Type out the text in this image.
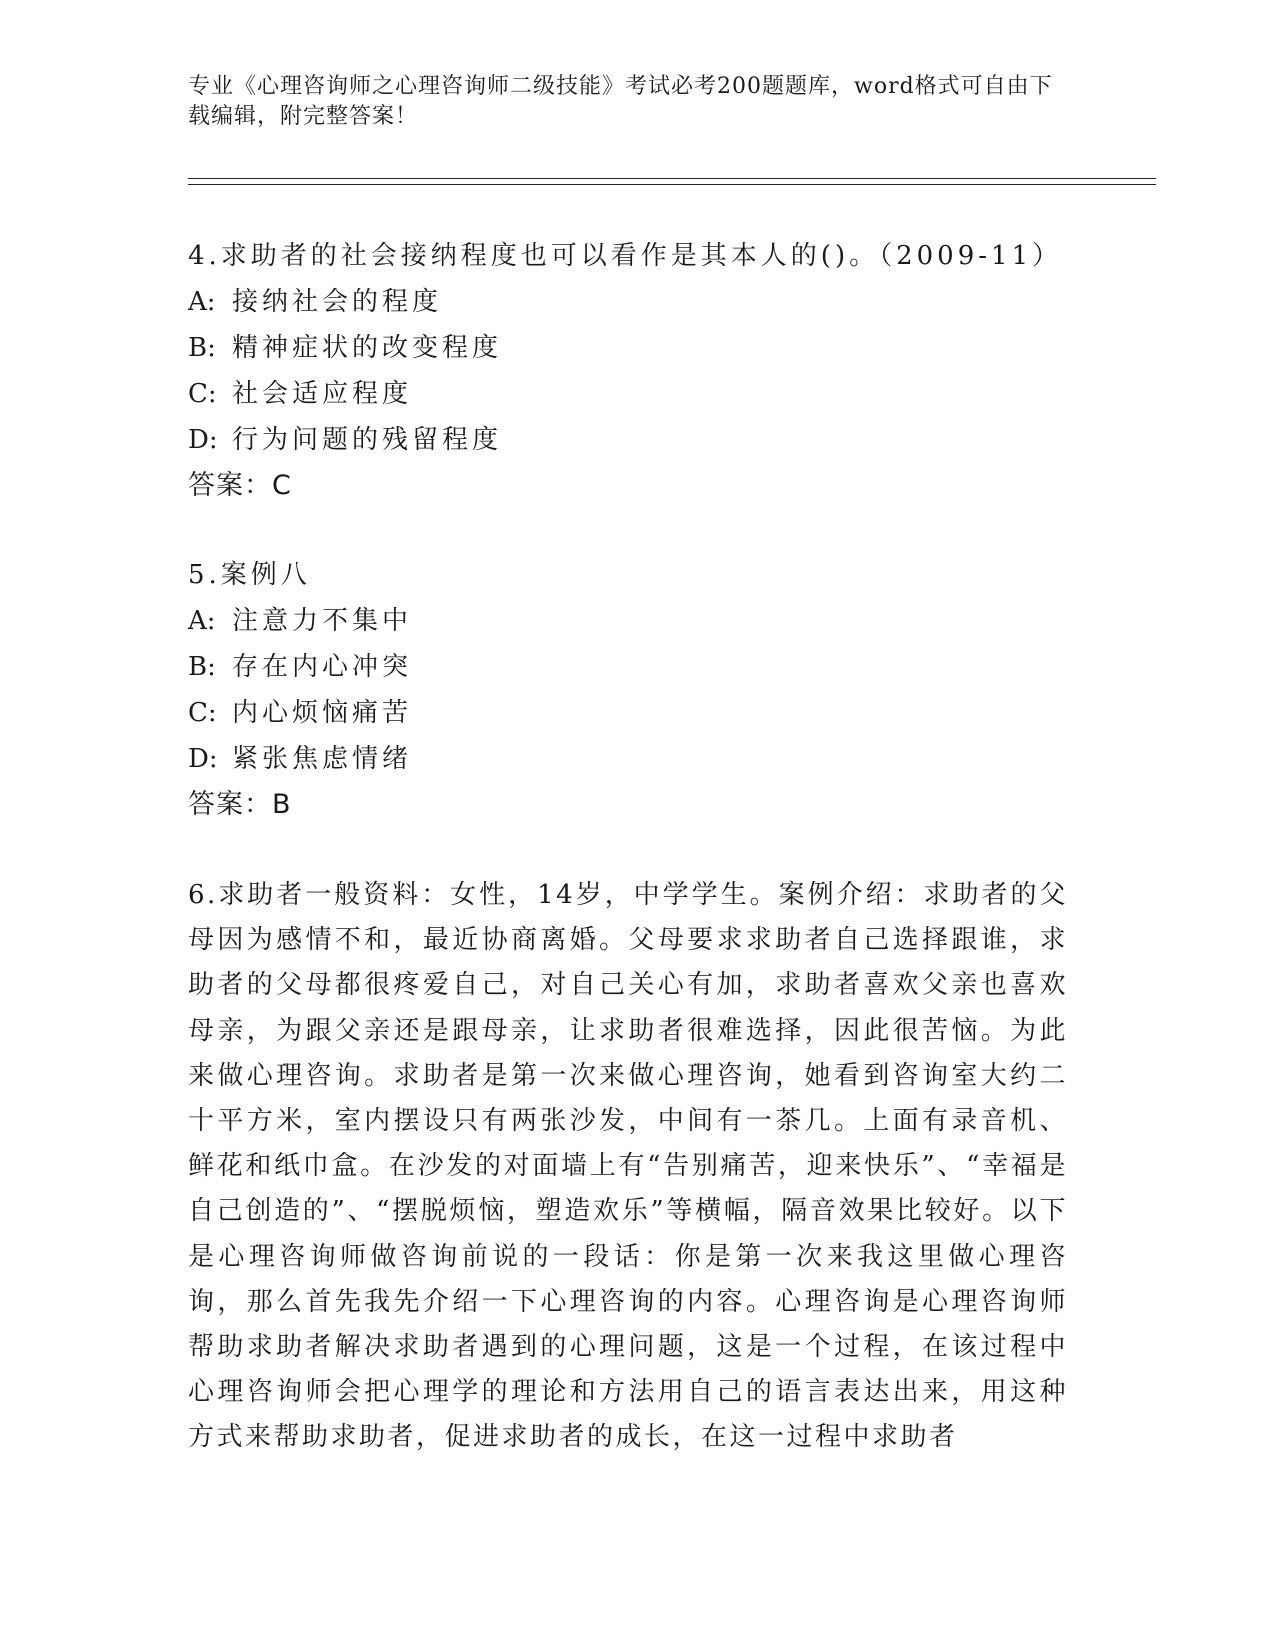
专业《心理咨询师之心理咨询师二级技能》考试必考200题题库，word格式可自由下载编辑，附完整答案！
4.求助者的社会接纳程度也可以看作是其本人的()。（2009-11）
A: 接纳社会的程度
B: 精神症状的改变程度
C: 社会适应程度
D: 行为问题的残留程度
答案：C
5.案例八
A: 注意力不集中
B: 存在内心冲突
C: 内心烦恼痛苦
D: 紧张焦虑情绪
答案：B
6.求助者一般资料：女性，14岁，中学学生。案例介绍：求助者的父母因为感情不和，最近协商离婚。父母要求求助者自己选择跟谁，求助者的父母都很疼爱自己，对自己关心有加，求助者喜欢父亲也喜欢母亲，为跟父亲还是跟母亲，让求助者很难选择，因此很苦恼。为此来做心理咨询。求助者是第一次来做心理咨询，她看到咨询室大约二十平方米，室内摆设只有两张沙发，中间有一茶几。上面有录音机、鲜花和纸巾盒。在沙发的对面墙上有“告别痛苦，迎来快乐”、“幸福是自己创造的”、“摆脱烦恼，塑造欢乐”等横幅，隔音效果比较好。以下是心理咨询师做咨询前说的一段话：你是第一次来我这里做心理咨询，那么首先我先介绍一下心理咨询的内容。心理咨询是心理咨询师帮助求助者解决求助者遇到的心理问题，这是一个过程，在该过程中心理咨询师会把心理学的理论和方法用自己的语言表达出来，用这种方式来帮助求助者，促进求助者的成长，在这一过程中求助者
